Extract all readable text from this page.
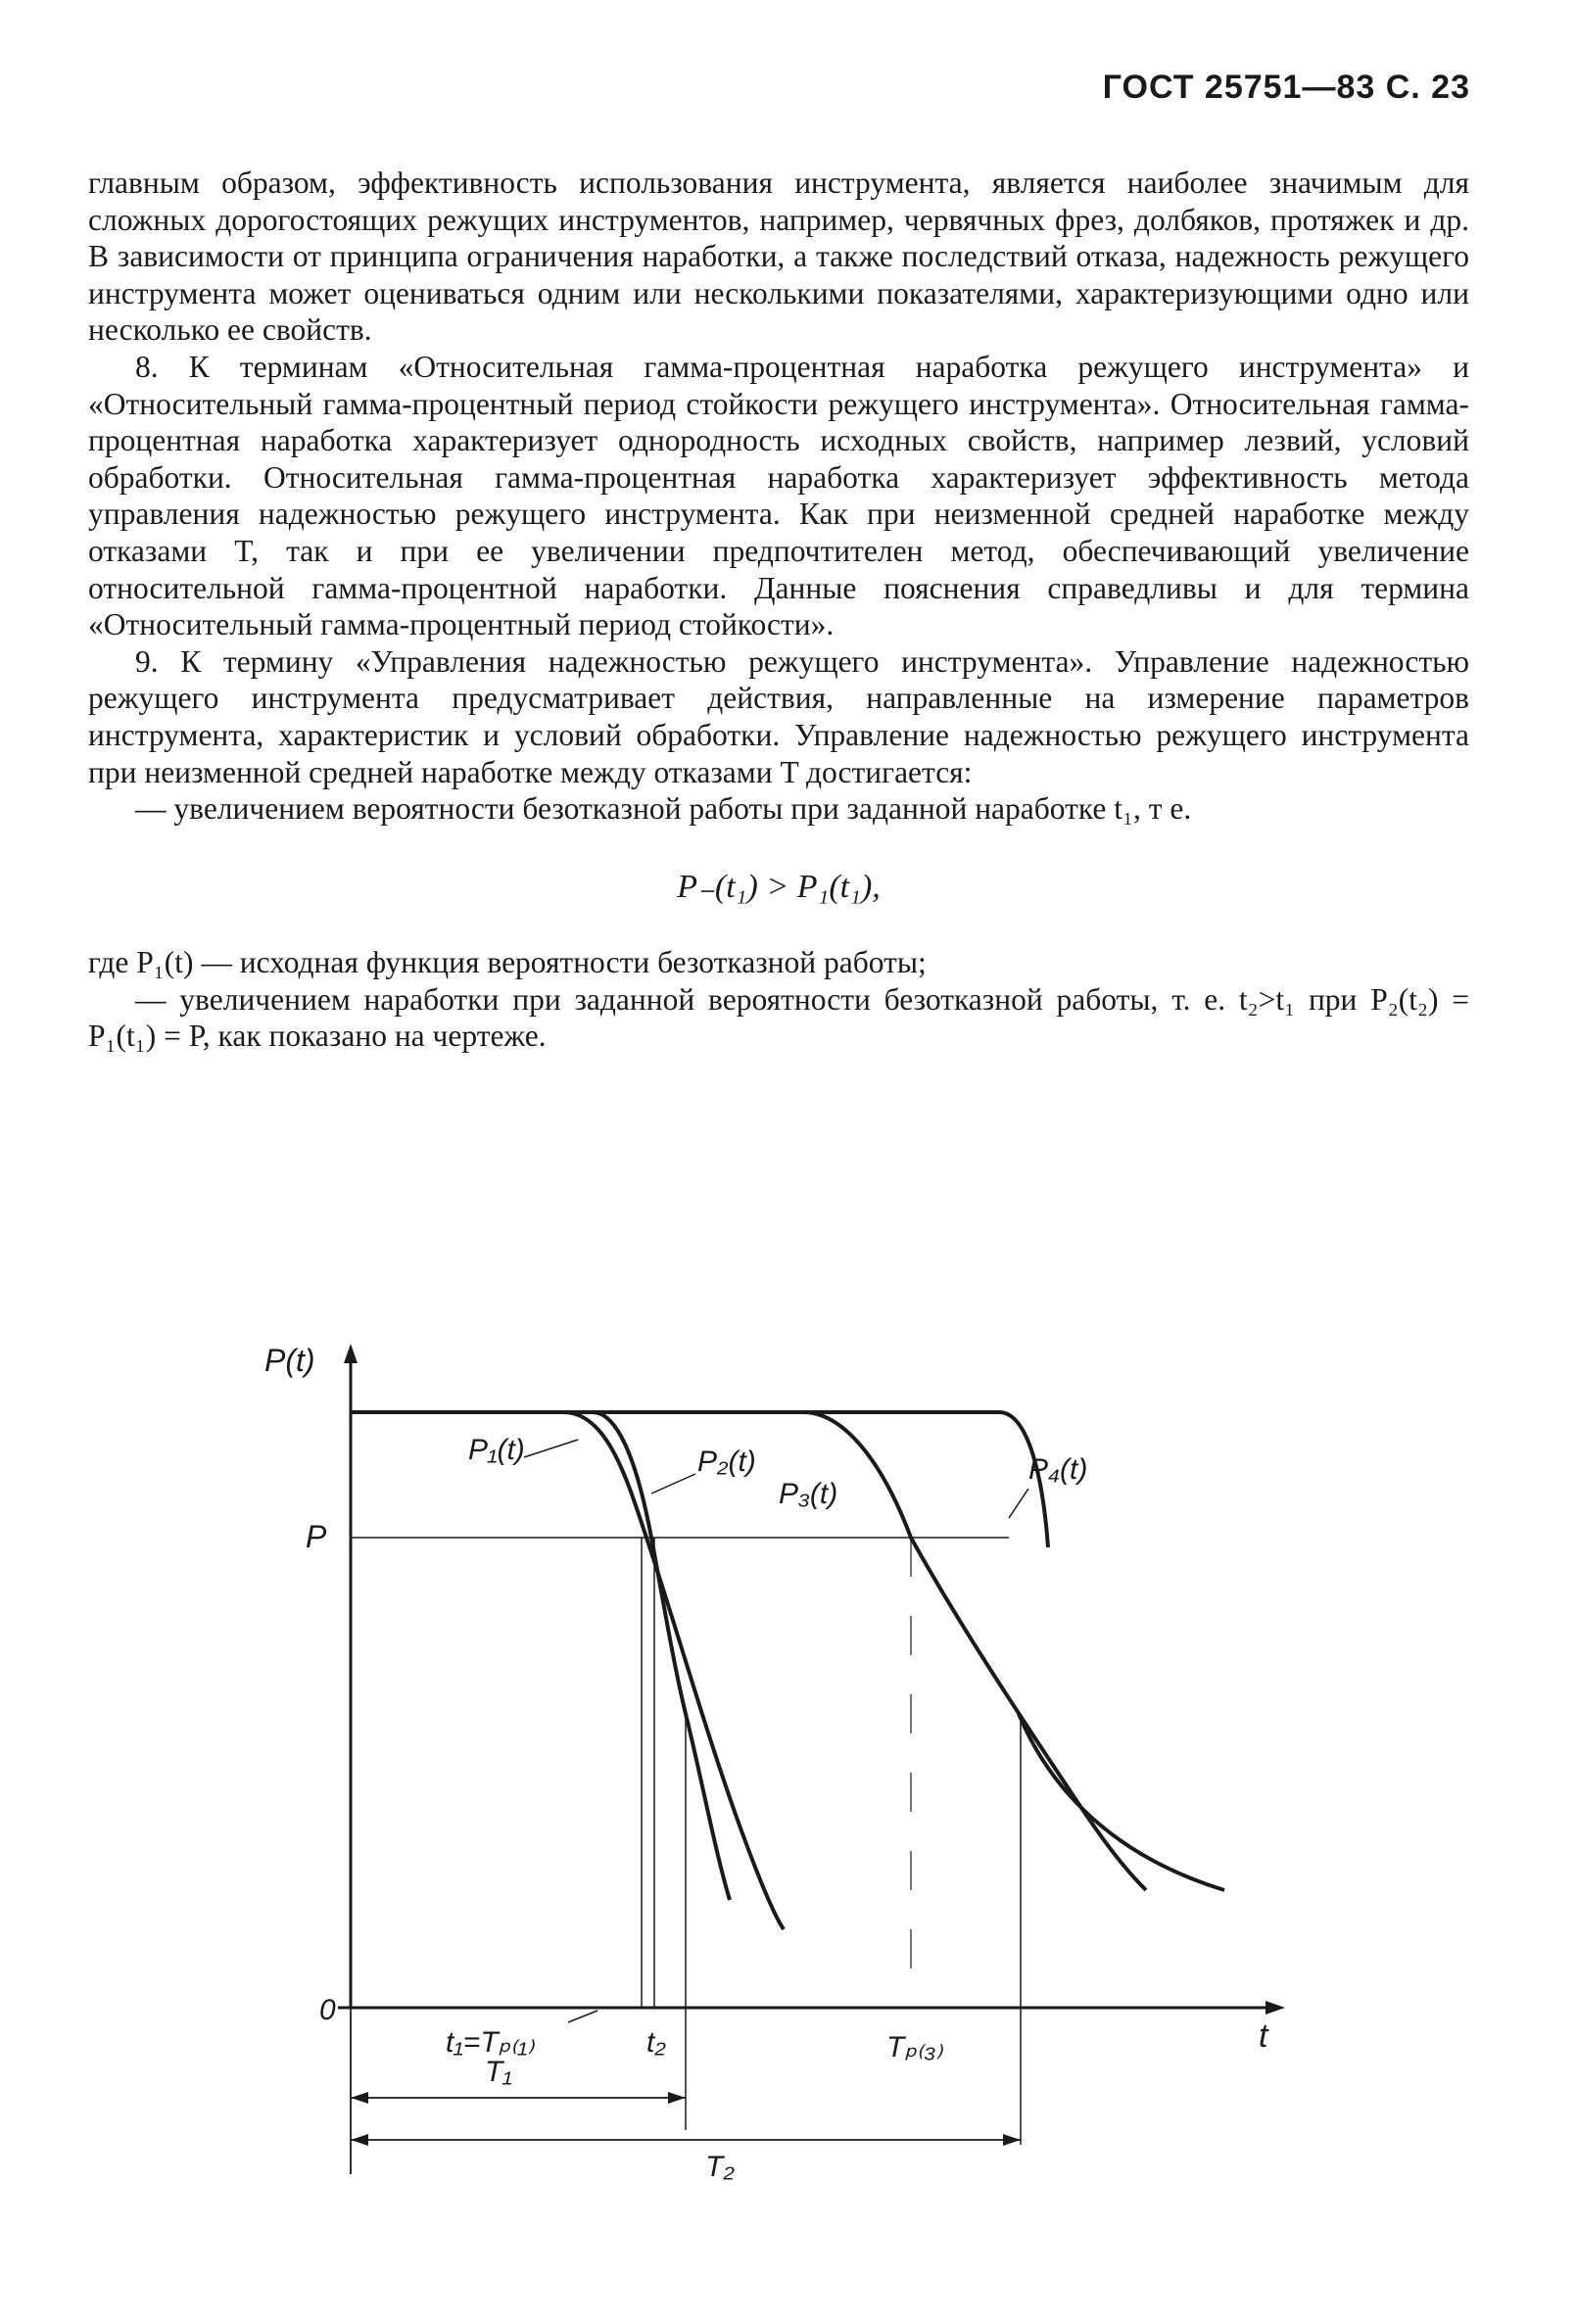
ГОСТ 25751—83 С. 23

главным образом, эффективность использования инструмента, является наиболее значимым для сложных дорогостоящих режущих инструментов, например, червячных фрез, долбяков, протяжек и др. В зависимости от принципа ограничения наработки, а также последствий отказа, надежность режущего инструмента может оцениваться одним или несколькими показателями, характеризующими одно или несколько ее свойств.

8. К терминам «Относительная гамма-процентная наработка режущего инструмента» и «Относительный гамма-процентный период стойкости режущего инструмента». Относительная гамма-процентная наработка характеризует однородность исходных свойств, например лезвий, условий обработки. Относительная гамма-процентная наработка характеризует эффективность метода управления надежностью режущего инструмента. Как при неизменной средней наработке между отказами T, так и при ее увеличении предпочтителен метод, обеспечивающий увеличение относительной гамма-процентной наработки. Данные пояснения справедливы и для термина «Относительный гамма-процентный период стойкости».

9. К термину «Управления надежностью режущего инструмента». Управление надежностью режущего инструмента предусматривает действия, направленные на измерение параметров инструмента, характеристик и условий обработки. Управление надежностью режущего инструмента при неизменной средней наработке между отказами T достигается:

— увеличением вероятности безотказной работы при заданной наработке t₁, т е.

P₋(t₁) > P₁(t₁),

где P₁(t) — исходная функция вероятности безотказной работы;

— увеличением наработки при заданной вероятности безотказной работы, т. е. t₂>t₁ при P₂(t₂) = P₁(t₁) = P, как показано на чертеже.

P(t)
P
0
t
P₁(t)	P₂(t)
P₃(t)
P₄(t)
t₁=Tₚ₍₁₎	t₂	Tₚ₍₃₎
T₁
T₂
